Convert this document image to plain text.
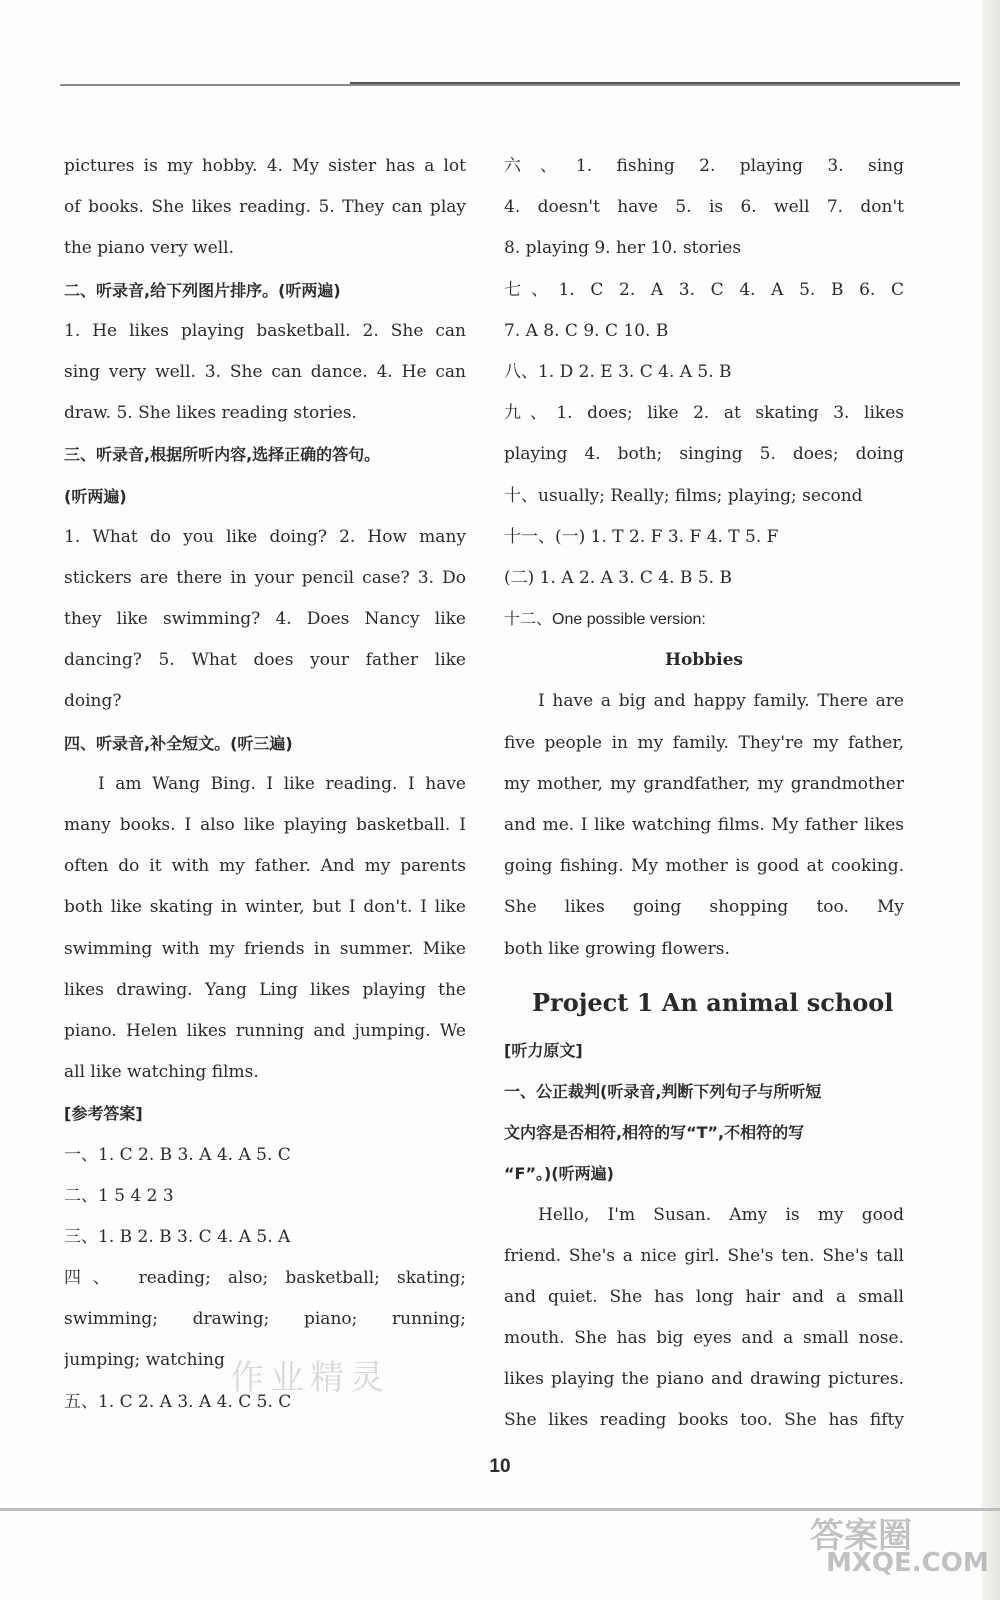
pictures is my hobby. 4. My sister has a lot
of books. She likes reading. 5. They can play
the piano very well.
二、听录音,给下列图片排序。(听两遍)
1. He likes playing basketball. 2. She can
sing very well. 3. She can dance. 4. He can
draw. 5. She likes reading stories.
三、听录音,根据所听内容,选择正确的答句。
(听两遍)
1. What do you like doing? 2. How many
stickers are there in your pencil case? 3. Do
they like swimming? 4. Does Nancy like
dancing? 5. What does your father like
doing?
四、听录音,补全短文。(听三遍)
I am Wang Bing. I like reading. I have
many books. I also like playing basketball. I
often do it with my father. And my parents
both like skating in winter, but I don't. I like
swimming with my friends in summer. Mike
likes drawing. Yang Ling likes playing the
piano. Helen likes running and jumping. We
all like watching films.
[参考答案]
一、1. C 2. B 3. A 4. A 5. C
二、1 5 4 2 3
三、1. B 2. B 3. C 4. A 5. A
四、 reading; also; basketball; skating;
swimming; drawing; piano; running;
jumping; watching
五、1. C 2. A 3. A 4. C 5. C
六、1. fishing 2. playing 3. sing
4. doesn't have 5. is 6. well 7. don't
8. playing 9. her 10. stories
七、1. C 2. A 3. C 4. A 5. B 6. C
7. A 8. C 9. C 10. B
八、1. D 2. E 3. C 4. A 5. B
九、1. does; like 2. at skating 3. likes
playing 4. both; singing 5. does; doing
十、usually; Really; films; playing; second
十一、(一) 1. T 2. F 3. F 4. T 5. F
(二) 1. A 2. A 3. C 4. B 5. B
十二、One possible version:
Hobbies
I have a big and happy family. There are
five people in my family. They're my father,
my mother, my grandfather, my grandmother
and me. I like watching films. My father likes
going fishing. My mother is good at cooking.
She likes going shopping too. My
both like growing flowers.
Project 1 An animal school
[听力原文]
一、公正裁判(听录音,判断下列句子与所听短
文内容是否相符,相符的写“T”,不相符的写
“F”。)(听两遍)
Hello, I'm Susan. Amy is my good
friend. She's a nice girl. She's ten. She's tall
and quiet. She has long hair and a small
mouth. She has big eyes and a small nose.
likes playing the piano and drawing pictures.
She likes reading books too. She has fifty
10
作业精灵
答案圈
MXQE.COM
